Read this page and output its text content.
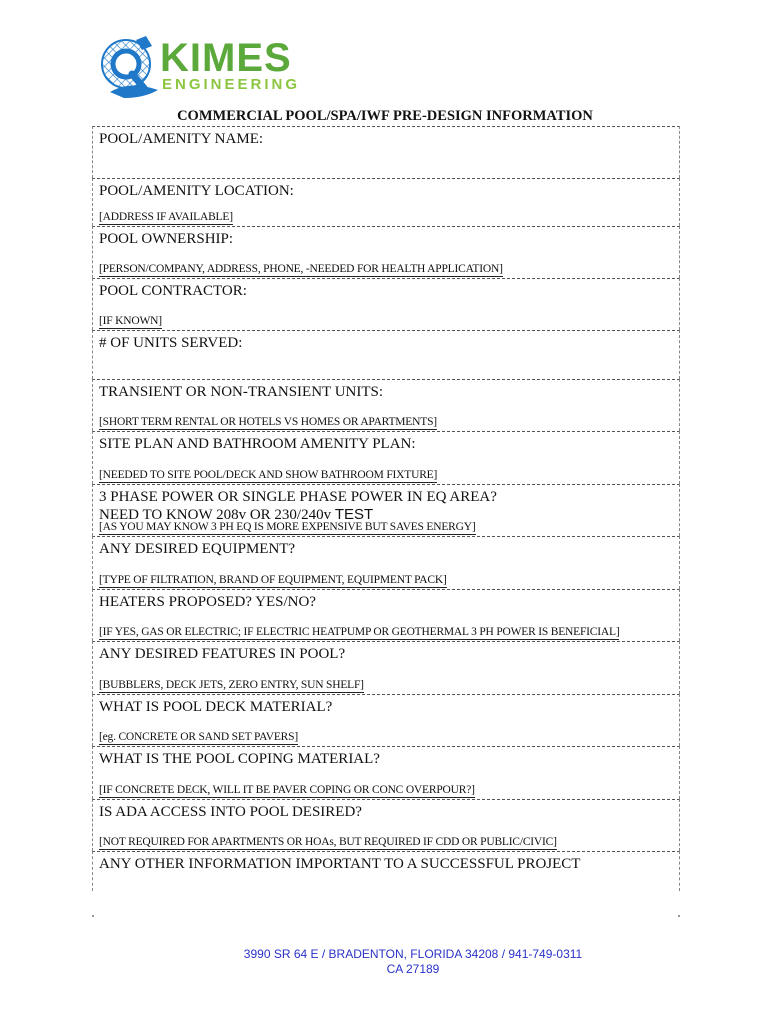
KIMES
ENGINEERING
COMMERCIAL POOL/SPA/IWF PRE-DESIGN INFORMATION
POOL/AMENITY NAME:
POOL/AMENITY LOCATION:
[ ADDRESS IF AVAILABLE ]
POOL OWNERSHIP:
[ PERSON/COMPANY, ADDRESS, PHONE, -NEEDED FOR HEALTH APPLICATION ]
POOL CONTRACTOR:
[ IF KNOWN ]
# OF UNITS SERVED:
TRANSIENT OR NON-TRANSIENT UNITS:
[ SHORT TERM RENTAL OR HOTELS VS HOMES OR APARTMENTS ]
SITE PLAN AND BATHROOM AMENITY PLAN:
[ NEEDED TO SITE POOL/DECK AND SHOW BATHROOM FIXTURE ]
3 PHASE POWER OR SINGLE PHASE POWER IN EQ AREA?
NEED TO KNOW 208v OR 230/240v TEST
[ AS YOU MAY KNOW 3 PH EQ IS MORE EXPENSIVE BUT SAVES ENERGY ]
ANY DESIRED EQUIPMENT?
[ TYPE OF FILTRATION, BRAND OF EQUIPMENT, EQUIPMENT PACK ]
HEATERS PROPOSED? YES/NO?
[ IF YES, GAS OR ELECTRIC; IF ELECTRIC HEATPUMP OR GEOTHERMAL 3 PH POWER IS BENEFICIAL ]
ANY DESIRED FEATURES IN POOL?
[ BUBBLERS, DECK JETS, ZERO ENTRY, SUN SHELF ]
WHAT IS POOL DECK MATERIAL?
[ eg. CONCRETE OR SAND SET PAVERS ]
WHAT IS THE POOL COPING MATERIAL?
[ IF CONCRETE DECK, WILL IT BE PAVER COPING OR CONC OVERPOUR? ]
IS ADA ACCESS INTO POOL DESIRED?
[ NOT REQUIRED FOR APARTMENTS OR HOAs, BUT REQUIRED IF CDD OR PUBLIC/CIVIC ]
ANY OTHER INFORMATION IMPORTANT TO A SUCCESSFUL PROJECT
3990 SR 64 E / BRADENTON, FLORIDA 34208 / 941-749-0311
CA 27189
